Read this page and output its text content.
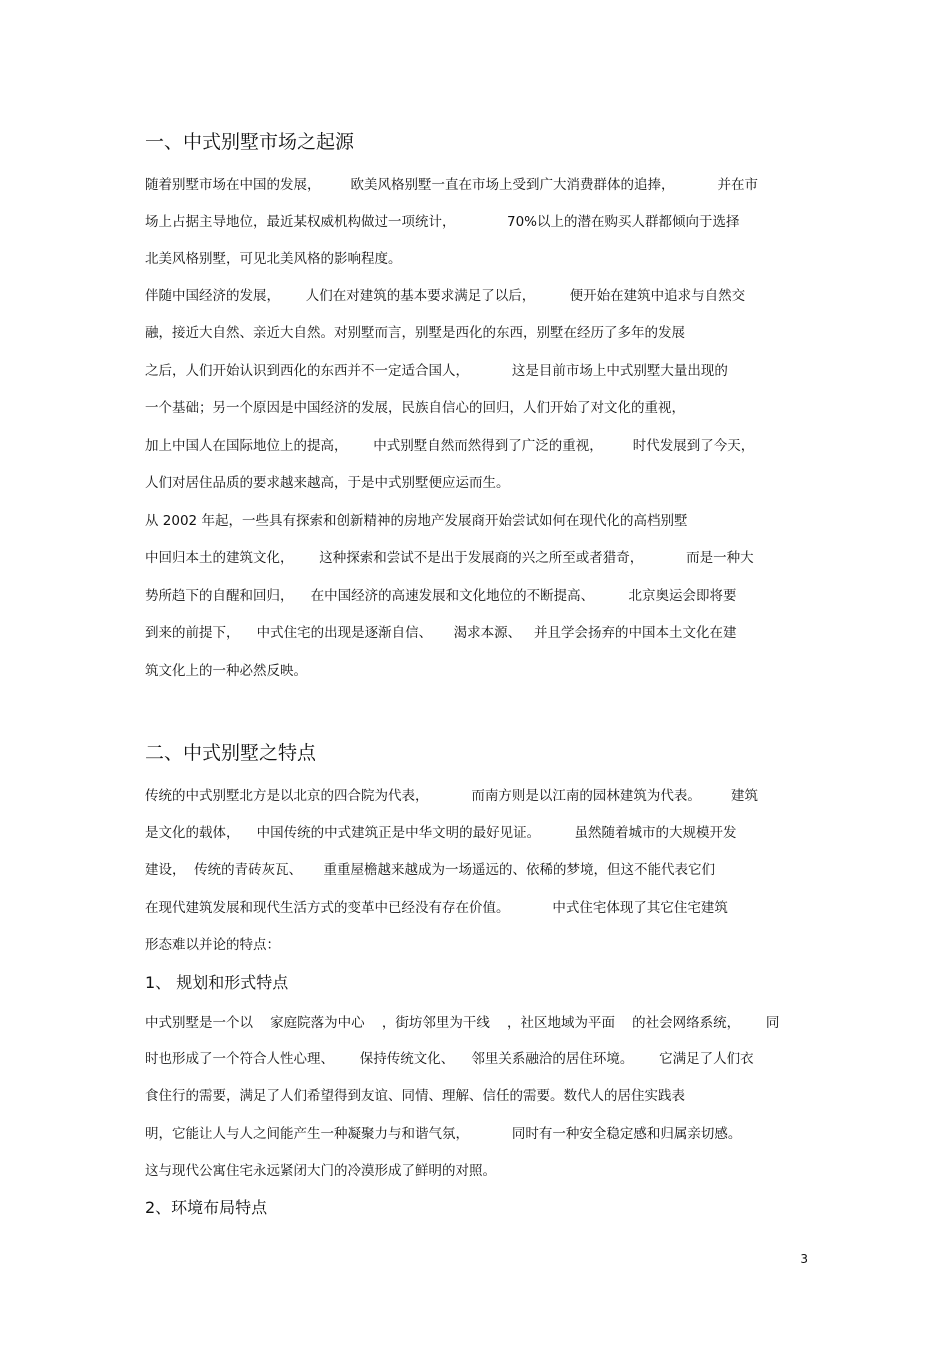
一、中式别墅市场之起源

随着别墅市场在中国的发展，       欧美风格别墅一直在市场上受到广大消费群体的追捧，          并在市

场上占据主导地位，最近某权威机构做过一项统计，            70%以上的潜在购买人群都倾向于选择

北美风格别墅，可见北美风格的影响程度。

伴随中国经济的发展，      人们在对建筑的基本要求满足了以后，        便开始在建筑中追求与自然交

融，接近大自然、亲近大自然。对别墅而言，别墅是西化的东西，别墅在经历了多年的发展

之后，人们开始认识到西化的东西并不一定适合国人，          这是目前市场上中式别墅大量出现的

一个基础；另一个原因是中国经济的发展，民族自信心的回归，人们开始了对文化的重视，

加上中国人在国际地位上的提高，      中式别墅自然而然得到了广泛的重视，       时代发展到了今天，

人们对居住品质的要求越来越高，于是中式别墅便应运而生。

从 2002 年起，一些具有探索和创新精神的房地产发展商开始尝试如何在现代化的高档别墅

中回归本土的建筑文化，      这种探索和尝试不是出于发展商的兴之所至或者猎奇，          而是一种大

势所趋下的自醒和回归，    在中国经济的高速发展和文化地位的不断提高、        北京奥运会即将要

到来的前提下，    中式住宅的出现是逐渐自信、     渴求本源、   并且学会扬弃的中国本土文化在建

筑文化上的一种必然反映。

二、中式别墅之特点

传统的中式别墅北方是以北京的四合院为代表，          而南方则是以江南的园林建筑为代表。       建筑

是文化的载体，    中国传统的中式建筑正是中华文明的最好见证。        虽然随着城市的大规模开发

建设，  传统的青砖灰瓦、     重重屋檐越来越成为一场遥远的、依稀的梦境，但这不能代表它们

在现代建筑发展和现代生活方式的变革中已经没有存在价值。          中式住宅体现了其它住宅建筑

形态难以并论的特点：

1、 规划和形式特点

中式别墅是一个以    家庭院落为中心    ，街坊邻里为干线    ，社区地域为平面    的社会网络系统，      同

时也形成了一个符合人性心理、      保持传统文化、    邻里关系融洽的居住环境。      它满足了人们衣

食住行的需要，满足了人们希望得到友谊、同情、理解、信任的需要。数代人的居住实践表

明，它能让人与人之间能产生一种凝聚力与和谐气氛，          同时有一种安全稳定感和归属亲切感。

这与现代公寓住宅永远紧闭大门的冷漠形成了鲜明的对照。

2、环境布局特点
3
